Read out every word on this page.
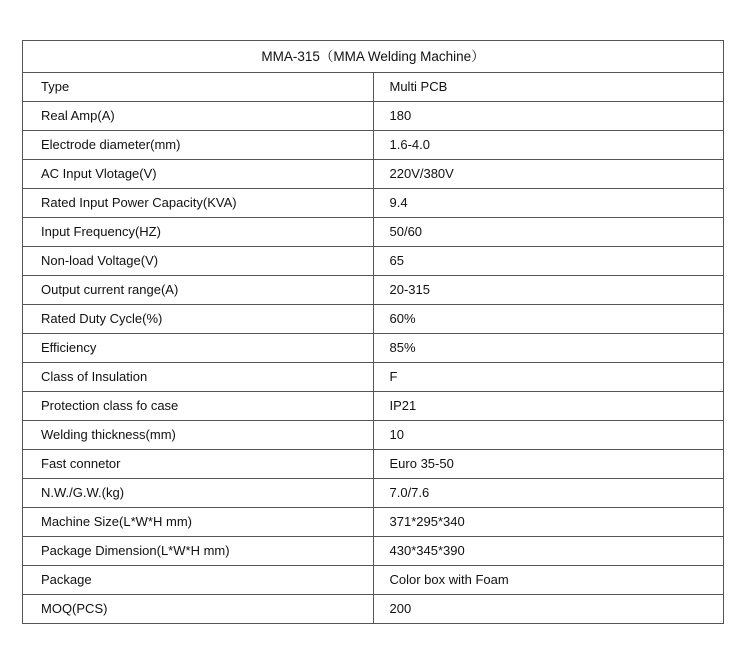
MMA-315（MMA Welding Machine）	
Type	Multi PCB
Real Amp(A)	180
Electrode diameter(mm)	1.6-4.0
AC Input Vlotage(V)	220V/380V
Rated Input Power Capacity(KVA)	9.4
Input Frequency(HZ)	50/60
Non-load Voltage(V)	65
Output current range(A)	20-315
Rated Duty Cycle(%)	60%
Efficiency	85%
Class of Insulation	F
Protection class fo case	IP21
Welding thickness(mm)	10
Fast connetor	Euro 35-50
N.W./G.W.(kg)	7.0/7.6
Machine Size(L*W*H mm)	371*295*340
Package Dimension(L*W*H mm)	430*345*390
Package	Color box with Foam
MOQ(PCS)	200
